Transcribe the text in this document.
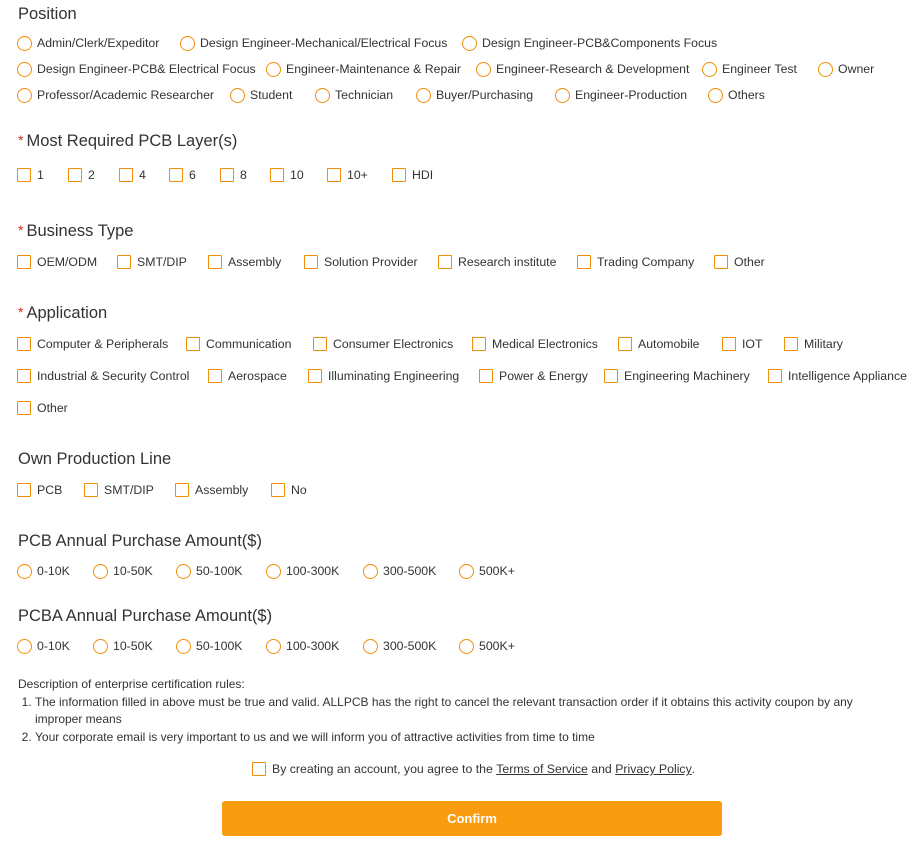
Position
Admin/Clerk/Expeditor	Design Engineer-Mechanical/Electrical Focus	Design Engineer-PCB&Components Focus
Design Engineer-PCB& Electrical Focus Engineer-Maintenance & Repair	Engineer-Research & Development	Engineer Test	Owner
Professor/Academic Researcher	Student	Technician	Buyer/Purchasing	Engineer-Production	Others
* Most Required PCB Layer(s)
1	2	4	6	8	10	10+	HDI
* Business Type
OEM/ODM	SMT/DIP	Assembly	Solution Provider	Research institute	Trading Company	Other
* Application
Computer & Peripherals	Communication	Consumer Electronics	Medical Electronics	Automobile	IOT	Military
Industrial & Security Control	Aerospace	Illuminating Engineering	Power & Energy	Engineering Machinery	Intelligence Appliance
Other
Own Production Line
PCB	SMT/DIP	Assembly	No
PCB Annual Purchase Amount($)
0-10K	10-50K	50-100K	100-300K	300-500K	500K+
PCBA Annual Purchase Amount($)
0-10K	10-50K	50-100K	100-300K	300-500K	500K+
Description of enterprise certification rules:
1. The information filled in above must be true and valid. ALLPCB has the right to cancel the relevant transaction order if it obtains this activity coupon by any improper means
2. Your corporate email is very important to us and we will inform you of attractive activities from time to time
By creating an account, you agree to the
Terms of Service
and
Privacy Policy .
Confirm
